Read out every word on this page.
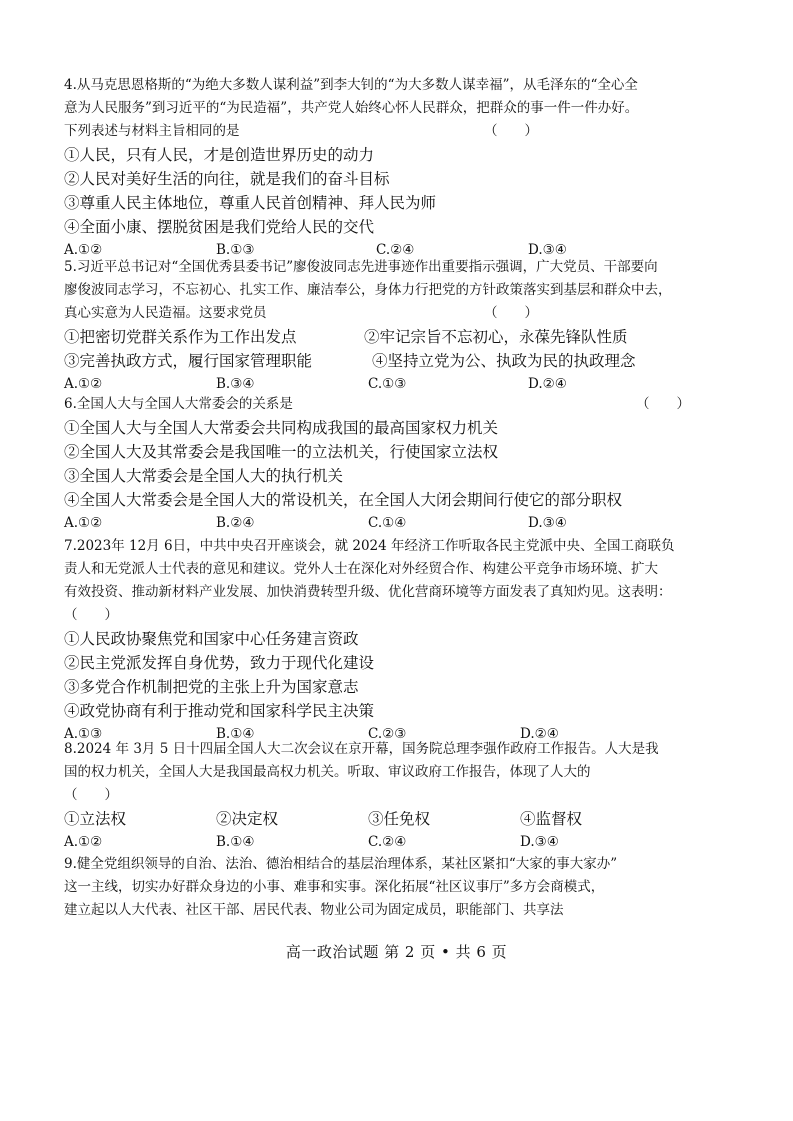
4.从马克思恩格斯的“为绝大多数人谋利益”到李大钊的“为大多数人谋幸福”，从毛泽东的“全心全
意为人民服务”到习近平的“为民造福”，共产党人始终心怀人民群众，把群众的事一件一件办好。
下列表述与材料主旨相同的是	（　　）
①人民，只有人民，才是创造世界历史的动力
②人民对美好生活的向往，就是我们的奋斗目标
③尊重人民主体地位，尊重人民首创精神、拜人民为师
④全面小康、摆脱贫困是我们党给人民的交代
A.①②	B.①③	C.②④	D.③④
5.习近平总书记对“全国优秀县委书记”廖俊波同志先进事迹作出重要指示强调，广大党员、干部要向
廖俊波同志学习，不忘初心、扎实工作、廉洁奉公，身体力行把党的方针政策落实到基层和群众中去，
真心实意为人民造福。这要求党员	（　　）
①把密切党群关系作为工作出发点	②牢记宗旨不忘初心，永葆先锋队性质
③完善执政方式，履行国家管理职能	④坚持立党为公、执政为民的执政理念
A.①②	B.③④	C.①③	D.②④
6.全国人大与全国人大常委会的关系是	（　　）
①全国人大与全国人大常委会共同构成我国的最高国家权力机关
②全国人大及其常委会是我国唯一的立法机关，行使国家立法权
③全国人大常委会是全国人大的执行机关
④全国人大常委会是全国人大的常设机关，在全国人大闭会期间行使它的部分职权
A.①②	B.②④	C.①④	D.③④
7.2023年 12月 6日，中共中央召开座谈会，就 2024 年经济工作听取各民主党派中央、全国工商联负
责人和无党派人士代表的意见和建议。党外人士在深化对外经贸合作、构建公平竞争市场环境、扩大
有效投资、推动新材料产业发展、加快消费转型升级、优化营商环境等方面发表了真知灼见。这表明：
（　　）
①人民政协聚焦党和国家中心任务建言资政
②民主党派发挥自身优势，致力于现代化建设
③多党合作机制把党的主张上升为国家意志
④政党协商有利于推动党和国家科学民主决策
A.①③	B.①④	C.②③	D.②④
8.2024 年 3月 5 日十四届全国人大二次会议在京开幕，国务院总理李强作政府工作报告。人大是我
国的权力机关，全国人大是我国最高权力机关。听取、审议政府工作报告，体现了人大的
（　　）
①立法权	②决定权	③任免权	④监督权
A.①②	B.①④	C.②④	D.③④
9.健全党组织领导的自治、法治、德治相结合的基层治理体系，某社区紧扣“大家的事大家办”
这一主线，切实办好群众身边的小事、难事和实事。深化拓展“社区议事厅”多方会商模式，
建立起以人大代表、社区干部、居民代表、物业公司为固定成员，职能部门、共享法
高一政治试题 第 2 页 • 共 6 页
